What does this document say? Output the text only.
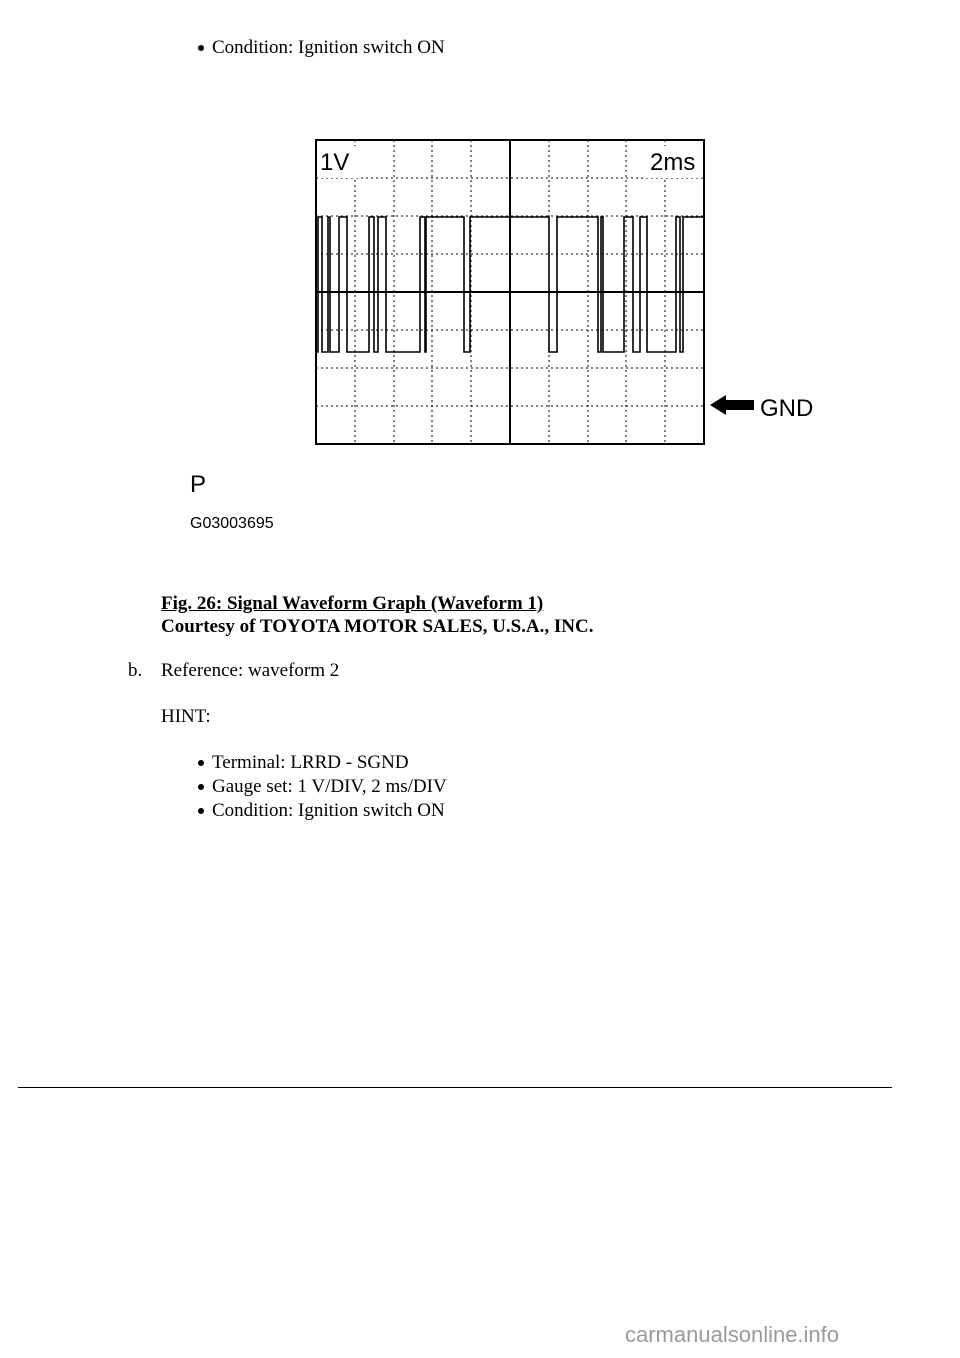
Condition: Ignition switch ON
1V	2ms
GND
P
G03003695
Fig. 26: Signal Waveform Graph (Waveform 1)
Courtesy of TOYOTA MOTOR SALES, U.S.A., INC.
b. Reference: waveform 2
HINT:
Terminal: LRRD - SGND
Gauge set: 1 V/DIV, 2 ms/DIV
Condition: Ignition switch ON
carmanualsonline.info
